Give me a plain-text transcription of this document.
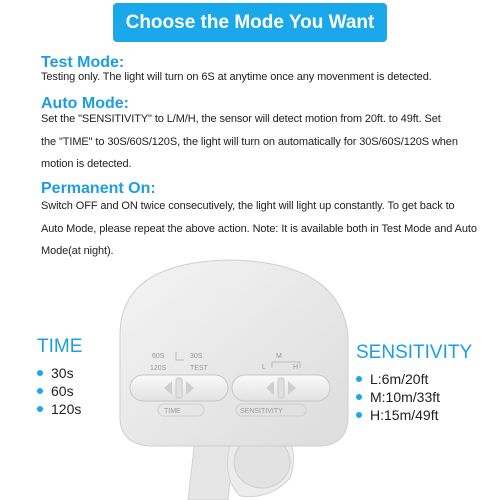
Choose the Mode You Want
Test Mode:

Testing only. The light will turn on 6S at anytime once any movenment is detected.

Auto Mode:

Set the "SENSITIVITY" to L/M/H, the sensor will detect motion from 20ft. to 49ft. Set

the "TIME" to 30S/60S/120S, the light will turn on automatically for 30S/60S/120S when

motion is detected.

Permanent On:

Switch OFF and ON twice consecutively, the light will light up constantly. To get back to

Auto Mode, please repeat the above action. Note: It is available both in Test Mode and Auto

Mode(at night).

60S	30S
120S	TEST
M
L	H
TIME	SENSITIVITY
TIME
30s
60s
120s
SENSITIVITY
L:6m/20ft
M:10m/33ft
H:15m/49ft
